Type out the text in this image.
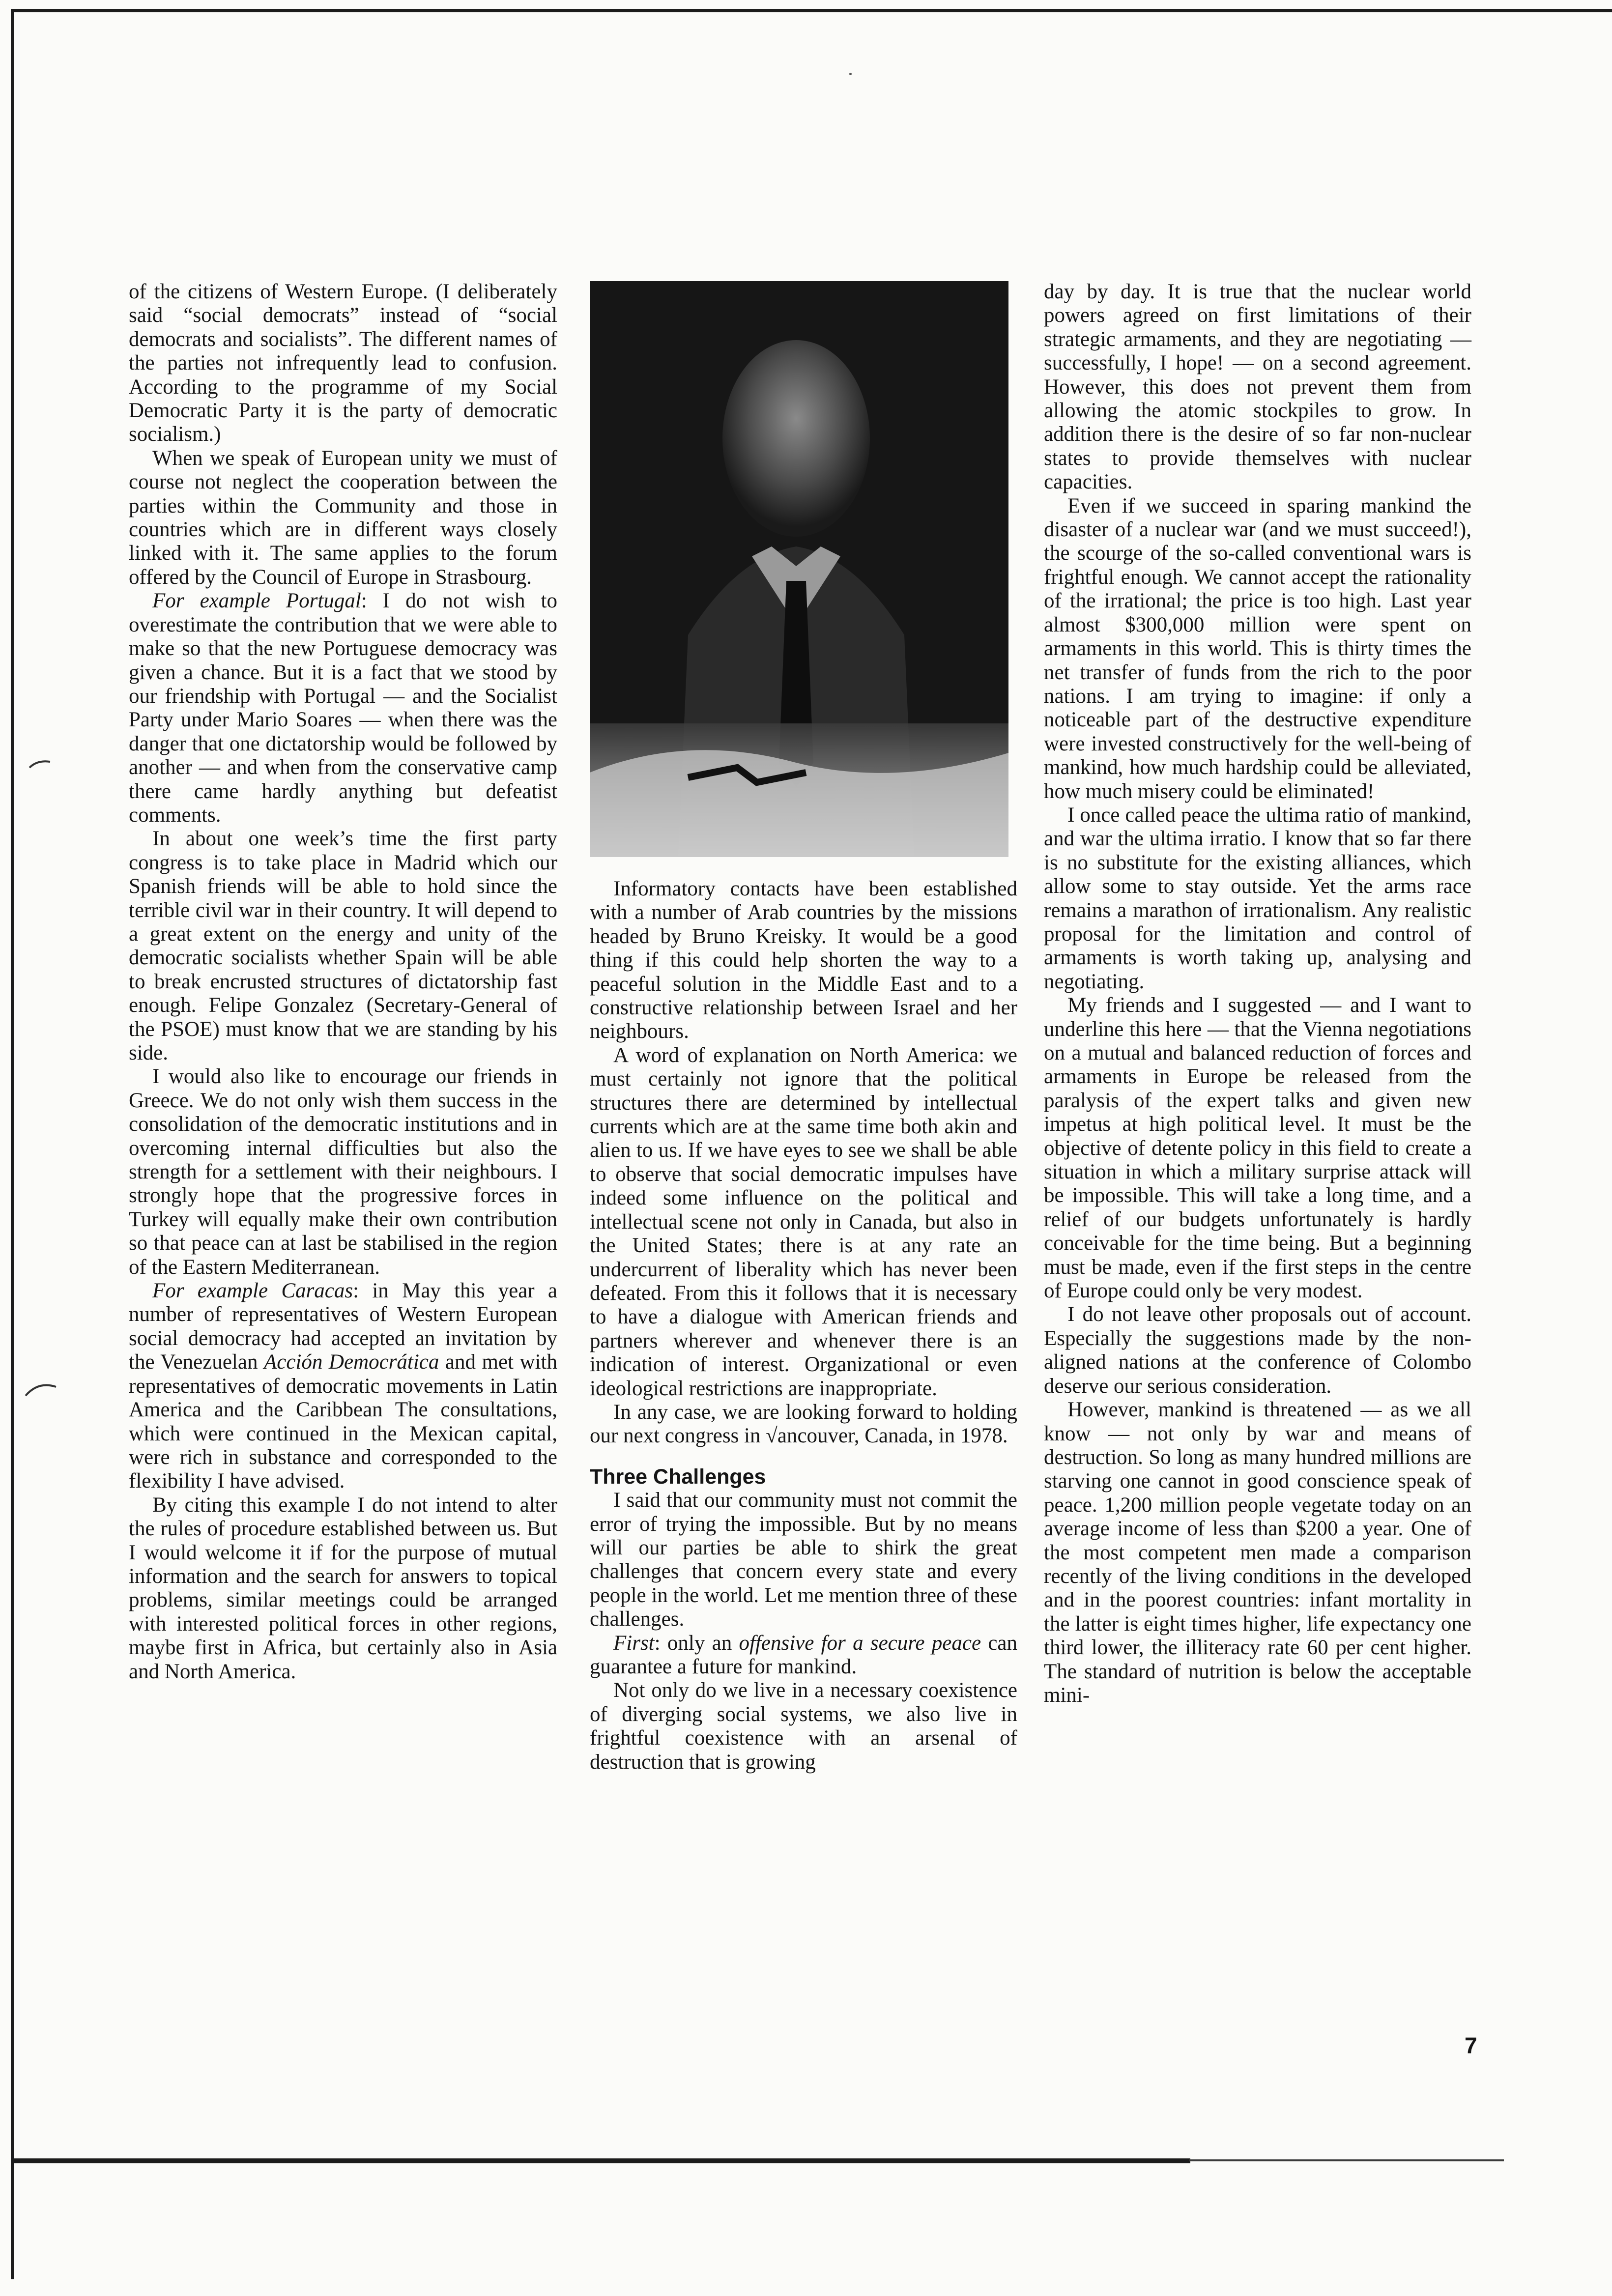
of the citizens of Western Europe. (I deliberately said “social democrats” instead of “social democrats and socialists”. The different names of the parties not infrequently lead to confusion. According to the programme of my Social Democratic Party it is the party of democratic socialism.)

When we speak of European unity we must of course not neglect the cooperation between the parties within the Community and those in countries which are in different ways closely linked with it. The same applies to the forum offered by the Council of Europe in Strasbourg.

For example Portugal: I do not wish to overestimate the contribution that we were able to make so that the new Portuguese democracy was given a chance. But it is a fact that we stood by our friendship with Portugal — and the Socialist Party under Mario Soares — when there was the danger that one dictatorship would be followed by another — and when from the conservative camp there came hardly anything but defeatist comments.

In about one week’s time the first party congress is to take place in Madrid which our Spanish friends will be able to hold since the terrible civil war in their country. It will depend to a great extent on the energy and unity of the democratic socialists whether Spain will be able to break encrusted structures of dictatorship fast enough. Felipe Gonzalez (Secretary-General of the PSOE) must know that we are standing by his side.

I would also like to encourage our friends in Greece. We do not only wish them success in the consolidation of the democratic institutions and in overcoming internal difficulties but also the strength for a settlement with their neighbours. I strongly hope that the progressive forces in Turkey will equally make their own contribution so that peace can at last be stabilised in the region of the Eastern Mediterranean.

For example Caracas: in May this year a number of representatives of Western European social democracy had accepted an invitation by the Venezuelan Acción Democrática and met with representatives of democratic movements in Latin America and the Caribbean The consultations, which were continued in the Mexican capital, were rich in substance and corresponded to the flexibility I have advised.

By citing this example I do not intend to alter the rules of procedure established between us. But I would welcome it if for the purpose of mutual information and the search for answers to topical problems, similar meetings could be arranged with interested political forces in other regions, maybe first in Africa, but certainly also in Asia and North America.

Informatory contacts have been established with a number of Arab countries by the missions headed by Bruno Kreisky. It would be a good thing if this could help shorten the way to a peaceful solution in the Middle East and to a constructive relationship between Israel and her neighbours.

A word of explanation on North America: we must certainly not ignore that the political structures there are determined by intellectual currents which are at the same time both akin and alien to us. If we have eyes to see we shall be able to observe that social democratic impulses have indeed some influence on the political and intellectual scene not only in Canada, but also in the United States; there is at any rate an undercurrent of liberality which has never been defeated. From this it follows that it is necessary to have a dialogue with American friends and partners wherever and whenever there is an indication of interest. Organizational or even ideological restrictions are inappropriate.

In any case, we are looking forward to holding our next congress in √ancouver, Canada, in 1978.

Three Challenges

I said that our community must not commit the error of trying the impossible. But by no means will our parties be able to shirk the great challenges that concern every state and every people in the world. Let me mention three of these challenges.

First: only an offensive for a secure peace can guarantee a future for mankind.

Not only do we live in a necessary coexistence of diverging social systems, we also live in frightful coexistence with an arsenal of destruction that is growing

day by day. It is true that the nuclear world powers agreed on first limitations of their strategic armaments, and they are negotiating — successfully, I hope! — on a second agreement. However, this does not prevent them from allowing the atomic stockpiles to grow. In addition there is the desire of so far non-nuclear states to provide themselves with nuclear capacities.

Even if we succeed in sparing mankind the disaster of a nuclear war (and we must succeed!), the scourge of the so-called conventional wars is frightful enough. We cannot accept the rationality of the irrational; the price is too high. Last year almost $300,000 million were spent on armaments in this world. This is thirty times the net transfer of funds from the rich to the poor nations. I am trying to imagine: if only a noticeable part of the destructive expenditure were invested constructively for the well-being of mankind, how much hardship could be alleviated, how much misery could be eliminated!

I once called peace the ultima ratio of mankind, and war the ultima irratio. I know that so far there is no substitute for the existing alliances, which allow some to stay outside. Yet the arms race remains a marathon of irrationalism. Any realistic proposal for the limitation and control of armaments is worth taking up, analysing and negotiating.

My friends and I suggested — and I want to underline this here — that the Vienna negotiations on a mutual and balanced reduction of forces and armaments in Europe be released from the paralysis of the expert talks and given new impetus at high political level. It must be the objective of detente policy in this field to create a situation in which a military surprise attack will be impossible. This will take a long time, and a relief of our budgets unfortunately is hardly conceivable for the time being. But a beginning must be made, even if the first steps in the centre of Europe could only be very modest.

I do not leave other proposals out of account. Especially the suggestions made by the non-aligned nations at the conference of Colombo deserve our serious consideration.

However, mankind is threatened — as we all know — not only by war and means of destruction. So long as many hundred millions are starving one cannot in good conscience speak of peace. 1,200 million people vegetate today on an average income of less than $200 a year. One of the most competent men made a comparison recently of the living conditions in the developed and in the poorest countries: infant mortality in the latter is eight times higher, life expectancy one third lower, the illiteracy rate 60 per cent higher. The standard of nutrition is below the acceptable mini-

7
